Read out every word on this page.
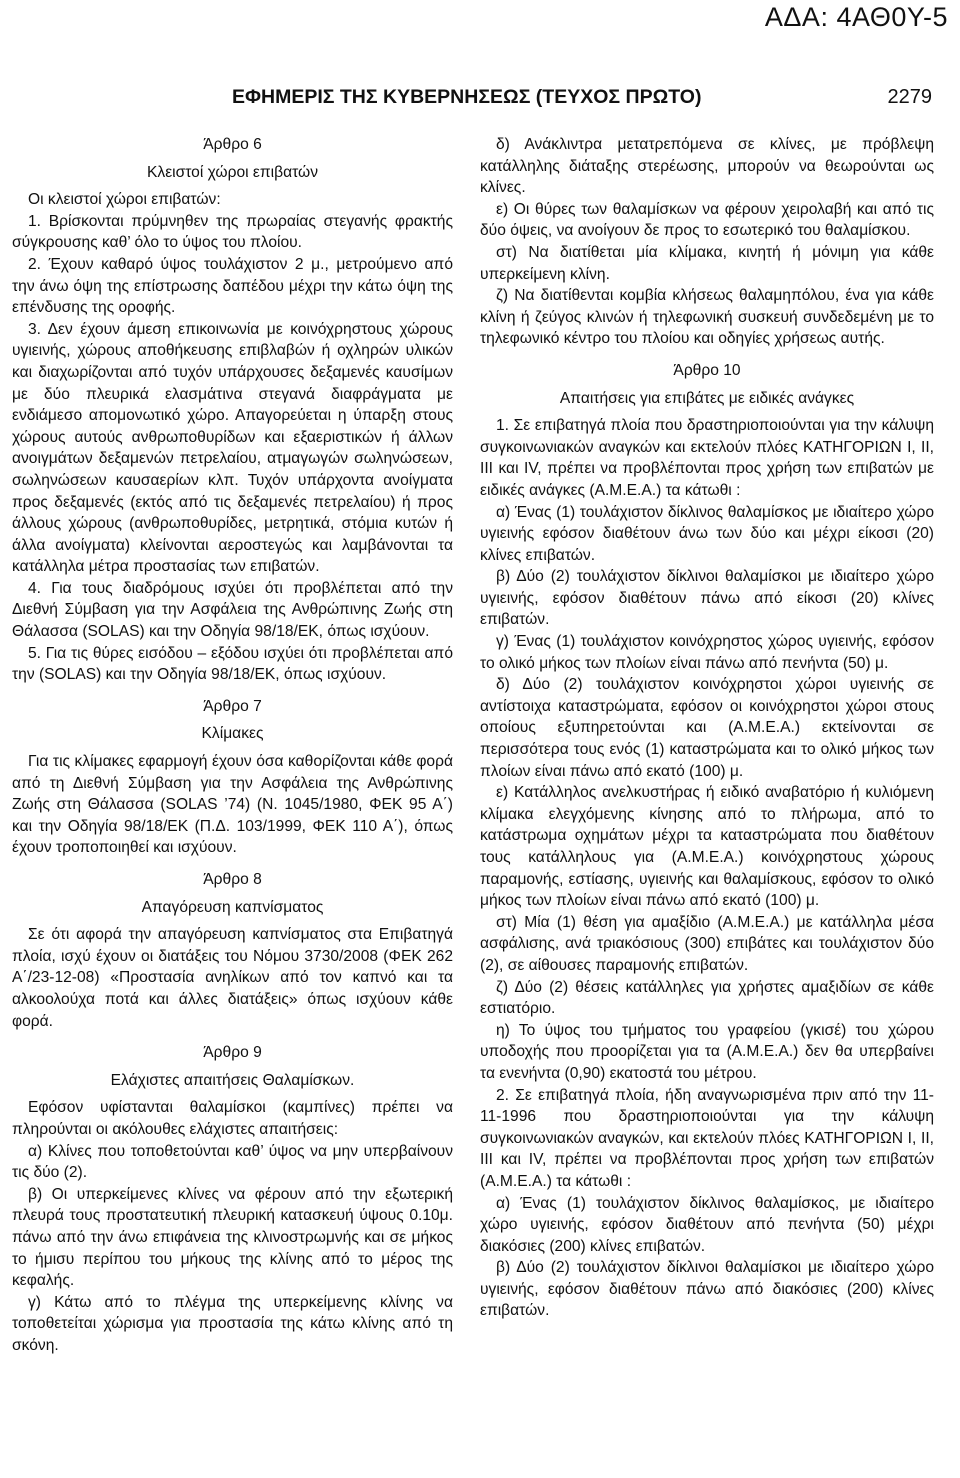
ΑΔΑ: 4ΑΘ0Υ-5
ΕΦΗΜΕΡΙΣ ΤΗΣ ΚΥΒΕΡΝΗΣΕΩΣ (ΤΕΥΧΟΣ ΠΡΩΤΟ)	2279

Άρθρο 6

Κλειστοί χώροι επιβατών

Οι κλειστοί χώροι επιβατών:

1. Βρίσκονται πρύμνηθεν της πρωραίας στεγανής φρακτής σύγκρουσης καθ’ όλο το ύψος του πλοίου.

2. Έχουν καθαρό ύψος τουλάχιστον 2 μ., μετρούμενο από την άνω όψη της επίστρωσης δαπέδου μέχρι την κάτω όψη της επένδυσης της οροφής.

3. Δεν έχουν άμεση επικοινωνία με κοινόχρηστους χώρους υγιεινής, χώρους αποθήκευσης επιβλαβών ή οχληρών υλικών και διαχωρίζονται από τυχόν υπάρχουσες δεξαμενές καυσίμων με δύο πλευρικά ελασμάτινα στεγανά διαφράγματα με ενδιάμεσο απομονωτικό χώρο. Απαγορεύεται η ύπαρξη στους χώρους αυτούς ανθρωποθυρίδων και εξαεριστικών ή άλλων ανοιγμάτων δεξαμενών πετρελαίου, ατμαγωγών σωληνώσεων, σωληνώσεων καυσαερίων κλπ. Τυχόν υπάρχοντα ανοίγματα προς δεξαμενές (εκτός από τις δεξαμενές πετρελαίου) ή προς άλλους χώρους (ανθρωποθυρίδες, μετρητικά, στόμια κυτών ή άλλα ανοίγματα) κλείνονται αεροστεγώς και λαμβάνονται τα κατάλληλα μέτρα προστασίας των επιβατών.

4. Για τους διαδρόμους ισχύει ότι προβλέπεται από την Διεθνή Σύμβαση για την Ασφάλεια της Ανθρώπινης Ζωής στη Θάλασσα (SOLAS) και την Οδηγία 98/18/ΕΚ, όπως ισχύουν.

5. Για τις θύρες εισόδου – εξόδου ισχύει ότι προβλέπεται από την (SOLAS) και την Οδηγία 98/18/ΕΚ, όπως ισχύουν.

Άρθρο 7

Κλίμακες

Για τις κλίμακες εφαρμογή έχουν όσα καθορίζονται κάθε φορά από τη Διεθνή Σύμβαση για την Ασφάλεια της Ανθρώπινης Ζωής στη Θάλασσα (SOLAS ’74) (Ν. 1045/1980, ΦΕΚ 95 Α΄) και την Οδηγία 98/18/ΕΚ (Π.Δ. 103/1999, ΦΕΚ 110 Α΄), όπως έχουν τροποποιηθεί και ισχύουν.

Άρθρο 8

Απαγόρευση καπνίσματος

Σε ότι αφορά την απαγόρευση καπνίσματος στα Επιβατηγά πλοία, ισχύ έχουν οι διατάξεις του Νόμου 3730/2008 (ΦΕΚ 262 Α΄/23-12-08) «Προστασία ανηλίκων από τον καπνό και τα αλκοολούχα ποτά και άλλες διατάξεις» όπως ισχύουν κάθε φορά.

Άρθρο 9

Ελάχιστες απαιτήσεις Θαλαμίσκων.

Εφόσον υφίστανται θαλαμίσκοι (καμπίνες) πρέπει να πληρούνται οι ακόλουθες ελάχιστες απαιτήσεις:

α) Κλίνες που τοποθετούνται καθ’ ύψος να μην υπερβαίνουν τις δύο (2).

β) Οι υπερκείμενες κλίνες να φέρουν από την εξωτερική πλευρά τους προστατευτική πλευρική κατασκευή ύψους 0.10μ. πάνω από την άνω επιφάνεια της κλινοστρωμνής και σε μήκος το ήμισυ περίπου του μήκους της κλίνης από το μέρος της κεφαλής.

γ) Κάτω από το πλέγμα της υπερκείμενης κλίνης να τοποθετείται χώρισμα για προστασία της κάτω κλίνης από τη σκόνη.

δ) Ανάκλιντρα μετατρεπόμενα σε κλίνες, με πρόβλεψη κατάλληλης διάταξης στερέωσης, μπορούν να θεωρούνται ως κλίνες.

ε) Οι θύρες των θαλαμίσκων να φέρουν χειρολαβή και από τις δύο όψεις, να ανοίγουν δε προς το εσωτερικό του θαλαμίσκου.

στ) Να διατίθεται μία κλίμακα, κινητή ή μόνιμη για κάθε υπερκείμενη κλίνη.

ζ) Να διατίθενται κομβία κλήσεως θαλαμηπόλου, ένα για κάθε κλίνη ή ζεύγος κλινών ή τηλεφωνική συσκευή συνδεδεμένη με το τηλεφωνικό κέντρο του πλοίου και οδηγίες χρήσεως αυτής.

Άρθρο 10

Απαιτήσεις για επιβάτες με ειδικές ανάγκες

1. Σε επιβατηγά πλοία που δραστηριοποιούνται για την κάλυψη συγκοινωνιακών αναγκών και εκτελούν πλόες ΚΑΤΗΓΟΡΙΩΝ Ι, ΙΙ, ΙΙΙ και ΙV, πρέπει να προβλέπονται προς χρήση των επιβατών με ειδικές ανάγκες (Α.Μ.Ε.Α.) τα κάτωθι :

α) Ένας (1) τουλάχιστον δίκλινος θαλαμίσκος με ιδιαίτερο χώρο υγιεινής εφόσον διαθέτουν άνω των δύο και μέχρι είκοσι (20) κλίνες επιβατών.

β) Δύο (2) τουλάχιστον δίκλινοι θαλαμίσκοι με ιδιαίτερο χώρο υγιεινής, εφόσον διαθέτουν πάνω από είκοσι (20) κλίνες επιβατών.

γ) Ένας (1) τουλάχιστον κοινόχρηστος χώρος υγιεινής, εφόσον το ολικό μήκος των πλοίων είναι πάνω από πενήντα (50) μ.

δ) Δύο (2) τουλάχιστον κοινόχρηστοι χώροι υγιεινής σε αντίστοιχα καταστρώματα, εφόσον οι κοινόχρηστοι χώροι στους οποίους εξυπηρετούνται και (Α.Μ.Ε.Α.) εκτείνονται σε περισσότερα τους ενός (1) καταστρώματα και το ολικό μήκος των πλοίων είναι πάνω από εκατό (100) μ.

ε) Κατάλληλος ανελκυστήρας ή ειδικό αναβατόριο ή κυλιόμενη κλίμακα ελεγχόμενης κίνησης από το πλήρωμα, από το κατάστρωμα οχημάτων μέχρι τα καταστρώματα που διαθέτουν τους κατάλληλους για (Α.Μ.Ε.Α.) κοινόχρηστους χώρους παραμονής, εστίασης, υγιεινής και θαλαμίσκους, εφόσον το ολικό μήκος των πλοίων είναι πάνω από εκατό (100) μ.

στ) Μία (1) θέση για αμαξίδιο (Α.Μ.Ε.Α.) με κατάλληλα μέσα ασφάλισης, ανά τριακόσιους (300) επιβάτες και τουλάχιστον δύο (2), σε αίθουσες παραμονής επιβατών.

ζ) Δύο (2) θέσεις κατάλληλες για χρήστες αμαξιδίων σε κάθε εστιατόριο.

η) Το ύψος του τμήματος του γραφείου (γκισέ) του χώρου υποδοχής που προορίζεται για τα (Α.Μ.Ε.Α.) δεν θα υπερβαίνει τα ενενήντα (0,90) εκατοστά του μέτρου.

2. Σε επιβατηγά πλοία, ήδη αναγνωρισμένα πριν από την 11-11-1996 που δραστηριοποιούνται για την κάλυψη συγκοινωνιακών αναγκών, και εκτελούν πλόες ΚΑΤΗΓΟΡΙΩΝ Ι, ΙΙ, ΙΙΙ και ΙV, πρέπει να προβλέπονται προς χρήση των επιβατών (Α.Μ.Ε.Α.) τα κάτωθι :

α) Ένας (1) τουλάχιστον δίκλινος θαλαμίσκος, με ιδιαίτερο χώρο υγιεινής, εφόσον διαθέτουν από πενήντα (50) μέχρι διακόσιες (200) κλίνες επιβατών.

β) Δύο (2) τουλάχιστον δίκλινοι θαλαμίσκοι με ιδιαίτερο χώρο υγιεινής, εφόσον διαθέτουν πάνω από διακόσιες (200) κλίνες επιβατών.
